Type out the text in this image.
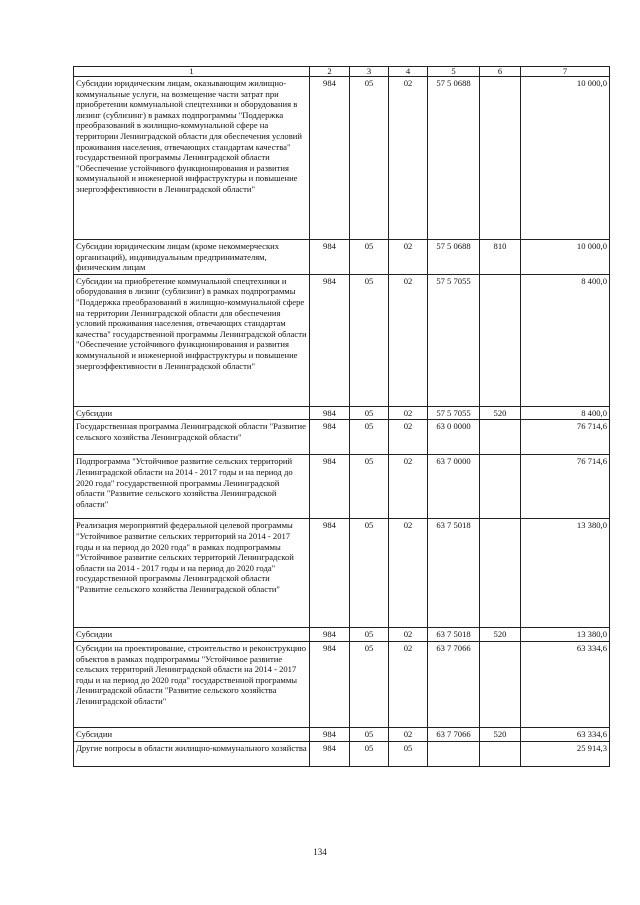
1	2	3	4	5	6	7
Субсидии юридическим лицам, оказывающим жилищно-коммунальные услуги, на возмещение части затрат при приобретении коммунальной спецтехники и оборудования в лизинг (сублизинг) в рамках подпрограммы "Поддержка преобразований в жилищно-коммунальной сфере на территории Ленинградской области для обеспечения условий проживания населения, отвечающих стандартам качества" государственной программы Ленинградской области "Обеспечение устойчивого функционирования и развития коммунальной и инженерной инфраструктуры и повышение энергоэффективности в Ленинградской области"	984	05	02	57 5 0688		10 000,0
Субсидии юридическим лицам (кроме некоммерческих организаций), индивидуальным предпринимателям, физическим лицам	984	05	02	57 5 0688	810	10 000,0
Субсидии на приобретение коммунальной спецтехники и оборудования в лизинг (сублизинг) в рамках подпрограммы "Поддержка преобразований в жилищно-коммунальной сфере на территории Ленинградской области для обеспечения условий проживания населения, отвечающих стандартам качества" государственной программы Ленинградской области "Обеспечение устойчивого функционирования и развития коммунальной и инженерной инфраструктуры и повышение энергоэффективности в Ленинградской области"	984	05	02	57 5 7055		8 400,0
Субсидии	984	05	02	57 5 7055	520	8 400,0
Государственная программа Ленинградской области "Развитие сельского хозяйства Ленинградской области"	984	05	02	63 0 0000		76 714,6
Подпрограмма "Устойчивое развитие сельских территорий Ленинградской области на 2014 - 2017 годы и на период до 2020 года" государственной программы Ленинградской области "Развитие сельского хозяйства Ленинградской области"	984	05	02	63 7 0000		76 714,6
Реализация мероприятий федеральной целевой программы "Устойчивое развитие сельских территорий на 2014 - 2017 годы и на период до 2020 года" в рамках подпрограммы "Устойчивое развитие сельских территорий Ленинградской области на 2014 - 2017 годы и на период до 2020 года" государственной программы Ленинградской области "Развитие сельского хозяйства Ленинградской области"	984	05	02	63 7 5018		13 380,0
Субсидии	984	05	02	63 7 5018	520	13 380,0
Субсидии на проектирование, строительство и реконструкцию объектов в рамках подпрограммы "Устойчивое развитие сельских территорий Ленинградской области на 2014 - 2017 годы и на период до 2020 года" государственной программы Ленинградской области "Развитие сельского хозяйства Ленинградской области"	984	05	02	63 7 7066		63 334,6
Субсидии	984	05	02	63 7 7066	520	63 334,6
Другие вопросы в области жилищно-коммунального хозяйства	984	05	05			25 914,3
134
